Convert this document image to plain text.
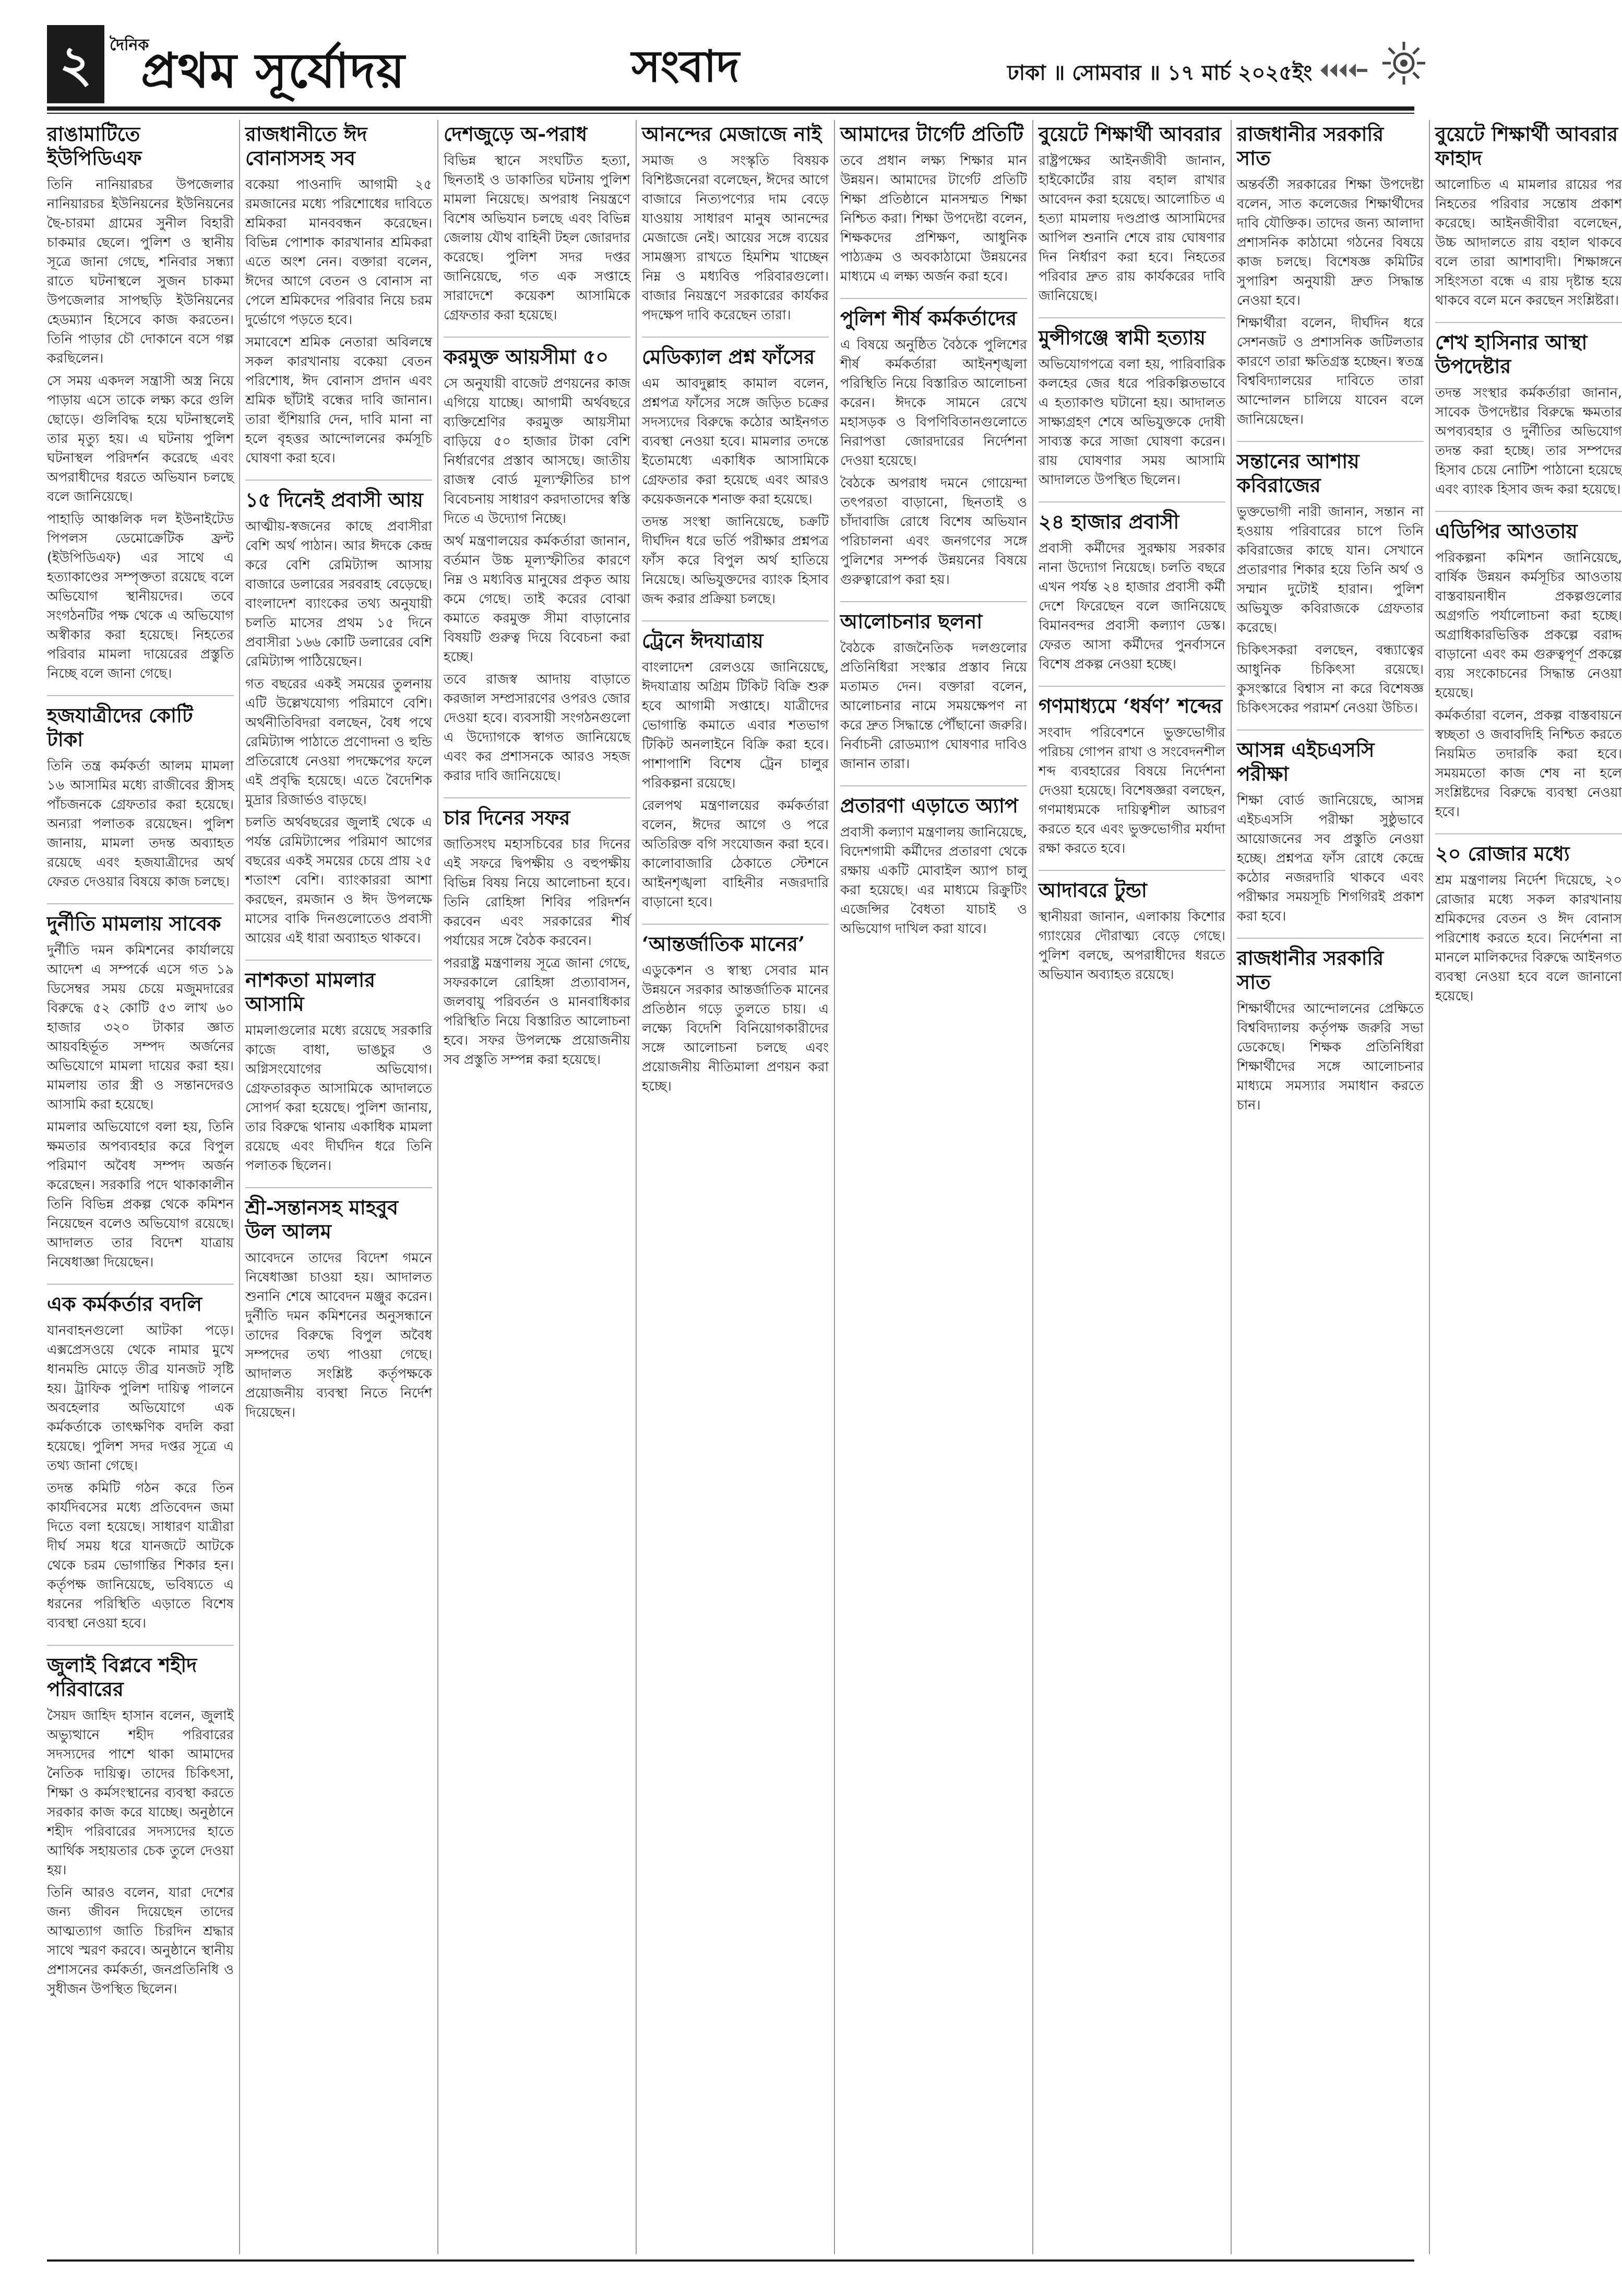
২	দৈনিক
প্রথম সূর্যোদয়	সংবাদ	ঢাকা ॥ সোমবার ॥ ১৭ মার্চ ২০২৫ইং
রাঙামাটিতে ইউপিডিএফ

তিনি নানিয়ারচর উপজেলার নানিয়ারচর ইউনিয়নের ইউনিয়নের ছৈ-চারমা গ্রামের সুনীল বিহারী চাকমার ছেলে। পুলিশ ও স্থানীয় সূত্রে জানা গেছে, শনিবার সন্ধ্যা রাতে ঘটনাস্থলে সুজন চাকমা উপজেলার সাপছড়ি ইউনিয়নের হেডম্যান হিসেবে কাজ করতেন। তিনি পাড়ার চৌ দোকানে বসে গল্প করছিলেন।

সে সময় একদল সন্ত্রাসী অস্ত্র নিয়ে পাড়ায় এসে তাকে লক্ষ্য করে গুলি ছোড়ে। গুলিবিদ্ধ হয়ে ঘটনাস্থলেই তার মৃত্যু হয়। এ ঘটনায় পুলিশ ঘটনাস্থল পরিদর্শন করেছে এবং অপরাধীদের ধরতে অভিযান চলছে বলে জানিয়েছে।

পাহাড়ি আঞ্চলিক দল ইউনাইটেড পিপলস ডেমোক্রেটিক ফ্রন্ট (ইউপিডিএফ) এর সাথে এ হত্যাকাণ্ডের সম্পৃক্ততা রয়েছে বলে অভিযোগ স্থানীয়দের। তবে সংগঠনটির পক্ষ থেকে এ অভিযোগ অস্বীকার করা হয়েছে। নিহতের পরিবার মামলা দায়েরের প্রস্তুতি নিচ্ছে বলে জানা গেছে।

হজযাত্রীদের কোটি টাকা

তিনি তন্ত্র কর্মকর্তা আলম মামলা ১৬ আসামির মধ্যে রাজীবের স্ত্রীসহ পাঁচজনকে গ্রেফতার করা হয়েছে। অন্যরা পলাতক রয়েছেন। পুলিশ জানায়, মামলা তদন্ত অব্যাহত রয়েছে এবং হজযাত্রীদের অর্থ ফেরত দেওয়ার বিষয়ে কাজ চলছে।

দুর্নীতি মামলায় সাবেক

দুর্নীতি দমন কমিশনের কার্যালয়ে আদেশ এ সম্পর্কে এসে গত ১৯ ডিসেম্বর সময় চেয়ে মজুমদারের বিরুদ্ধে ৫২ কোটি ৫৩ লাখ ৬০ হাজার ৩২০ টাকার জ্ঞাত আয়বহির্ভূত সম্পদ অর্জনের অভিযোগে মামলা দায়ের করা হয়। মামলায় তার স্ত্রী ও সন্তানদেরও আসামি করা হয়েছে।

মামলার অভিযোগে বলা হয়, তিনি ক্ষমতার অপব্যবহার করে বিপুল পরিমাণ অবৈধ সম্পদ অর্জন করেছেন। সরকারি পদে থাকাকালীন তিনি বিভিন্ন প্রকল্প থেকে কমিশন নিয়েছেন বলেও অভিযোগ রয়েছে। আদালত তার বিদেশ যাত্রায় নিষেধাজ্ঞা দিয়েছেন।

এক কর্মকর্তার বদলি

যানবাহনগুলো আটকা পড়ে। এক্সপ্রেসওয়ে থেকে নামার মুখে ধানমন্ডি মোড়ে তীব্র যানজট সৃষ্টি হয়। ট্রাফিক পুলিশ দায়িত্ব পালনে অবহেলার অভিযোগে এক কর্মকর্তাকে তাৎক্ষণিক বদলি করা হয়েছে। পুলিশ সদর দপ্তর সূত্রে এ তথ্য জানা গেছে।

তদন্ত কমিটি গঠন করে তিন কার্যদিবসের মধ্যে প্রতিবেদন জমা দিতে বলা হয়েছে। সাধারণ যাত্রীরা দীর্ঘ সময় ধরে যানজটে আটকে থেকে চরম ভোগান্তির শিকার হন। কর্তৃপক্ষ জানিয়েছে, ভবিষ্যতে এ ধরনের পরিস্থিতি এড়াতে বিশেষ ব্যবস্থা নেওয়া হবে।

জুলাই বিপ্লবে শহীদ পরিবারের

সৈয়দ জাহিদ হাসান বলেন, জুলাই অভ্যুত্থানে শহীদ পরিবারের সদস্যদের পাশে থাকা আমাদের নৈতিক দায়িত্ব। তাদের চিকিৎসা, শিক্ষা ও কর্মসংস্থানের ব্যবস্থা করতে সরকার কাজ করে যাচ্ছে। অনুষ্ঠানে শহীদ পরিবারের সদস্যদের হাতে আর্থিক সহায়তার চেক তুলে দেওয়া হয়।

তিনি আরও বলেন, যারা দেশের জন্য জীবন দিয়েছেন তাদের আত্মত্যাগ জাতি চিরদিন শ্রদ্ধার সাথে স্মরণ করবে। অনুষ্ঠানে স্থানীয় প্রশাসনের কর্মকর্তা, জনপ্রতিনিধি ও সুধীজন উপস্থিত ছিলেন।

রাজধানীতে ঈদ বোনাসসহ সব

বকেয়া পাওনাদি আগামী ২৫ রমজানের মধ্যে পরিশোধের দাবিতে শ্রমিকরা মানববন্ধন করেছেন। বিভিন্ন পোশাক কারখানার শ্রমিকরা এতে অংশ নেন। বক্তারা বলেন, ঈদের আগে বেতন ও বোনাস না পেলে শ্রমিকদের পরিবার নিয়ে চরম দুর্ভোগে পড়তে হবে।

সমাবেশে শ্রমিক নেতারা অবিলম্বে সকল কারখানায় বকেয়া বেতন পরিশোধ, ঈদ বোনাস প্রদান এবং শ্রমিক ছাঁটাই বন্ধের দাবি জানান। তারা হুঁশিয়ারি দেন, দাবি মানা না হলে বৃহত্তর আন্দোলনের কর্মসূচি ঘোষণা করা হবে।

১৫ দিনেই প্রবাসী আয়

আত্মীয়-স্বজনের কাছে প্রবাসীরা বেশি অর্থ পাঠান। আর ঈদকে কেন্দ্র করে বেশি রেমিট্যান্স আসায় বাজারে ডলারের সরবরাহ বেড়েছে। বাংলাদেশ ব্যাংকের তথ্য অনুযায়ী চলতি মাসের প্রথম ১৫ দিনে প্রবাসীরা ১৬৬ কোটি ডলারের বেশি রেমিট্যান্স পাঠিয়েছেন।

গত বছরের একই সময়ের তুলনায় এটি উল্লেখযোগ্য পরিমাণে বেশি। অর্থনীতিবিদরা বলছেন, বৈধ পথে রেমিট্যান্স পাঠাতে প্রণোদনা ও হুন্ডি প্রতিরোধে নেওয়া পদক্ষেপের ফলে এই প্রবৃদ্ধি হয়েছে। এতে বৈদেশিক মুদ্রার রিজার্ভও বাড়ছে।

চলতি অর্থবছরের জুলাই থেকে এ পর্যন্ত রেমিট্যান্সের পরিমাণ আগের বছরের একই সময়ের চেয়ে প্রায় ২৫ শতাংশ বেশি। ব্যাংকাররা আশা করছেন, রমজান ও ঈদ উপলক্ষে মাসের বাকি দিনগুলোতেও প্রবাসী আয়ের এই ধারা অব্যাহত থাকবে।

নাশকতা মামলার আসামি

মামলাগুলোর মধ্যে রয়েছে সরকারি কাজে বাধা, ভাঙচুর ও অগ্নিসংযোগের অভিযোগ। গ্রেফতারকৃত আসামিকে আদালতে সোপর্দ করা হয়েছে। পুলিশ জানায়, তার বিরুদ্ধে থানায় একাধিক মামলা রয়েছে এবং দীর্ঘদিন ধরে তিনি পলাতক ছিলেন।

শ্রী-সন্তানসহ মাহবুব উল আলম

আবেদনে তাদের বিদেশ গমনে নিষেধাজ্ঞা চাওয়া হয়। আদালত শুনানি শেষে আবেদন মঞ্জুর করেন। দুর্নীতি দমন কমিশনের অনুসন্ধানে তাদের বিরুদ্ধে বিপুল অবৈধ সম্পদের তথ্য পাওয়া গেছে। আদালত সংশ্লিষ্ট কর্তৃপক্ষকে প্রয়োজনীয় ব্যবস্থা নিতে নির্দেশ দিয়েছেন।

দেশজুড়ে অ-পরাধ

বিভিন্ন স্থানে সংঘটিত হত্যা, ছিনতাই ও ডাকাতির ঘটনায় পুলিশ মামলা নিয়েছে। অপরাধ নিয়ন্ত্রণে বিশেষ অভিযান চলছে এবং বিভিন্ন জেলায় যৌথ বাহিনী টহল জোরদার করেছে। পুলিশ সদর দপ্তর জানিয়েছে, গত এক সপ্তাহে সারাদেশে কয়েকশ আসামিকে গ্রেফতার করা হয়েছে।

করমুক্ত আয়সীমা ৫০

সে অনুযায়ী বাজেট প্রণয়নের কাজ এগিয়ে যাচ্ছে। আগামী অর্থবছরে ব্যক্তিশ্রেণির করমুক্ত আয়সীমা বাড়িয়ে ৫০ হাজার টাকা বেশি নির্ধারণের প্রস্তাব আসছে। জাতীয় রাজস্ব বোর্ড মূল্যস্ফীতির চাপ বিবেচনায় সাধারণ করদাতাদের স্বস্তি দিতে এ উদ্যোগ নিচ্ছে।

অর্থ মন্ত্রণালয়ের কর্মকর্তারা জানান, বর্তমান উচ্চ মূল্যস্ফীতির কারণে নিম্ন ও মধ্যবিত্ত মানুষের প্রকৃত আয় কমে গেছে। তাই করের বোঝা কমাতে করমুক্ত সীমা বাড়ানোর বিষয়টি গুরুত্ব দিয়ে বিবেচনা করা হচ্ছে।

তবে রাজস্ব আদায় বাড়াতে করজাল সম্প্রসারণের ওপরও জোর দেওয়া হবে। ব্যবসায়ী সংগঠনগুলো এ উদ্যোগকে স্বাগত জানিয়েছে এবং কর প্রশাসনকে আরও সহজ করার দাবি জানিয়েছে।

চার দিনের সফর

জাতিসংঘ মহাসচিবের চার দিনের এই সফরে দ্বিপক্ষীয় ও বহুপক্ষীয় বিভিন্ন বিষয় নিয়ে আলোচনা হবে। তিনি রোহিঙ্গা শিবির পরিদর্শন করবেন এবং সরকারের শীর্ষ পর্যায়ের সঙ্গে বৈঠক করবেন।

পররাষ্ট্র মন্ত্রণালয় সূত্রে জানা গেছে, সফরকালে রোহিঙ্গা প্রত্যাবাসন, জলবায়ু পরিবর্তন ও মানবাধিকার পরিস্থিতি নিয়ে বিস্তারিত আলোচনা হবে। সফর উপলক্ষে প্রয়োজনীয় সব প্রস্তুতি সম্পন্ন করা হয়েছে।

আনন্দের মেজাজে নাই

সমাজ ও সংস্কৃতি বিষয়ক বিশিষ্টজনেরা বলেছেন, ঈদের আগে বাজারে নিত্যপণ্যের দাম বেড়ে যাওয়ায় সাধারণ মানুষ আনন্দের মেজাজে নেই। আয়ের সঙ্গে ব্যয়ের সামঞ্জস্য রাখতে হিমশিম খাচ্ছেন নিম্ন ও মধ্যবিত্ত পরিবারগুলো। বাজার নিয়ন্ত্রণে সরকারের কার্যকর পদক্ষেপ দাবি করেছেন তারা।

মেডিক্যাল প্রশ্ন ফাঁসের

এম আবদুল্লাহ কামাল বলেন, প্রশ্নপত্র ফাঁসের সঙ্গে জড়িত চক্রের সদস্যদের বিরুদ্ধে কঠোর আইনগত ব্যবস্থা নেওয়া হবে। মামলার তদন্তে ইতোমধ্যে একাধিক আসামিকে গ্রেফতার করা হয়েছে এবং আরও কয়েকজনকে শনাক্ত করা হয়েছে।

তদন্ত সংস্থা জানিয়েছে, চক্রটি দীর্ঘদিন ধরে ভর্তি পরীক্ষার প্রশ্নপত্র ফাঁস করে বিপুল অর্থ হাতিয়ে নিয়েছে। অভিযুক্তদের ব্যাংক হিসাব জব্দ করার প্রক্রিয়া চলছে।

ট্রেনে ঈদযাত্রায়

বাংলাদেশ রেলওয়ে জানিয়েছে, ঈদযাত্রায় অগ্রিম টিকিট বিক্রি শুরু হবে আগামী সপ্তাহে। যাত্রীদের ভোগান্তি কমাতে এবার শতভাগ টিকিট অনলাইনে বিক্রি করা হবে। পাশাপাশি বিশেষ ট্রেন চালুর পরিকল্পনা রয়েছে।

রেলপথ মন্ত্রণালয়ের কর্মকর্তারা বলেন, ঈদের আগে ও পরে অতিরিক্ত বগি সংযোজন করা হবে। কালোবাজারি ঠেকাতে স্টেশনে আইনশৃঙ্খলা বাহিনীর নজরদারি বাড়ানো হবে।

‘আন্তর্জাতিক মানের’

এডুকেশন ও স্বাস্থ্য সেবার মান উন্নয়নে সরকার আন্তর্জাতিক মানের প্রতিষ্ঠান গড়ে তুলতে চায়। এ লক্ষ্যে বিদেশি বিনিয়োগকারীদের সঙ্গে আলোচনা চলছে এবং প্রয়োজনীয় নীতিমালা প্রণয়ন করা হচ্ছে।

আমাদের টার্গেট প্রতিটি

তবে প্রধান লক্ষ্য শিক্ষার মান উন্নয়ন। আমাদের টার্গেট প্রতিটি শিক্ষা প্রতিষ্ঠানে মানসম্মত শিক্ষা নিশ্চিত করা। শিক্ষা উপদেষ্টা বলেন, শিক্ষকদের প্রশিক্ষণ, আধুনিক পাঠ্যক্রম ও অবকাঠামো উন্নয়নের মাধ্যমে এ লক্ষ্য অর্জন করা হবে।

পুলিশ শীর্ষ কর্মকর্তাদের

এ বিষয়ে অনুষ্ঠিত বৈঠকে পুলিশের শীর্ষ কর্মকর্তারা আইনশৃঙ্খলা পরিস্থিতি নিয়ে বিস্তারিত আলোচনা করেন। ঈদকে সামনে রেখে মহাসড়ক ও বিপণিবিতানগুলোতে নিরাপত্তা জোরদারের নির্দেশনা দেওয়া হয়েছে।

বৈঠকে অপরাধ দমনে গোয়েন্দা তৎপরতা বাড়ানো, ছিনতাই ও চাঁদাবাজি রোধে বিশেষ অভিযান পরিচালনা এবং জনগণের সঙ্গে পুলিশের সম্পর্ক উন্নয়নের বিষয়ে গুরুত্বারোপ করা হয়।

আলোচনার ছলনা

বৈঠকে রাজনৈতিক দলগুলোর প্রতিনিধিরা সংস্কার প্রস্তাব নিয়ে মতামত দেন। বক্তারা বলেন, আলোচনার নামে সময়ক্ষেপণ না করে দ্রুত সিদ্ধান্তে পৌঁছানো জরুরি। নির্বাচনী রোডম্যাপ ঘোষণার দাবিও জানান তারা।

প্রতারণা এড়াতে অ্যাপ

প্রবাসী কল্যাণ মন্ত্রণালয় জানিয়েছে, বিদেশগামী কর্মীদের প্রতারণা থেকে রক্ষায় একটি মোবাইল অ্যাপ চালু করা হয়েছে। এর মাধ্যমে রিক্রুটিং এজেন্সির বৈধতা যাচাই ও অভিযোগ দাখিল করা যাবে।

বুয়েটে শিক্ষার্থী আবরার

রাষ্ট্রপক্ষের আইনজীবী জানান, হাইকোর্টের রায় বহাল রাখার আবেদন করা হয়েছে। আলোচিত এ হত্যা মামলায় দণ্ডপ্রাপ্ত আসামিদের আপিল শুনানি শেষে রায় ঘোষণার দিন নির্ধারণ করা হবে। নিহতের পরিবার দ্রুত রায় কার্যকরের দাবি জানিয়েছে।

মুন্সীগঞ্জে স্বামী হত্যায়

অভিযোগপত্রে বলা হয়, পারিবারিক কলহের জের ধরে পরিকল্পিতভাবে এ হত্যাকাণ্ড ঘটানো হয়। আদালত সাক্ষ্যগ্রহণ শেষে অভিযুক্তকে দোষী সাব্যস্ত করে সাজা ঘোষণা করেন। রায় ঘোষণার সময় আসামি আদালতে উপস্থিত ছিলেন।

২৪ হাজার প্রবাসী

প্রবাসী কর্মীদের সুরক্ষায় সরকার নানা উদ্যোগ নিয়েছে। চলতি বছরে এখন পর্যন্ত ২৪ হাজার প্রবাসী কর্মী দেশে ফিরেছেন বলে জানিয়েছে বিমানবন্দর প্রবাসী কল্যাণ ডেস্ক। ফেরত আসা কর্মীদের পুনর্বাসনে বিশেষ প্রকল্প নেওয়া হচ্ছে।

গণমাধ্যমে ‘ধর্ষণ’ শব্দের

সংবাদ পরিবেশনে ভুক্তভোগীর পরিচয় গোপন রাখা ও সংবেদনশীল শব্দ ব্যবহারের বিষয়ে নির্দেশনা দেওয়া হয়েছে। বিশেষজ্ঞরা বলছেন, গণমাধ্যমকে দায়িত্বশীল আচরণ করতে হবে এবং ভুক্তভোগীর মর্যাদা রক্ষা করতে হবে।

আদাবরে টুন্ডা

স্থানীয়রা জানান, এলাকায় কিশোর গ্যাংয়ের দৌরাত্ম্য বেড়ে গেছে। পুলিশ বলছে, অপরাধীদের ধরতে অভিযান অব্যাহত রয়েছে।

রাজধানীর সরকারি সাত

অন্তর্বর্তী সরকারের শিক্ষা উপদেষ্টা বলেন, সাত কলেজের শিক্ষার্থীদের দাবি যৌক্তিক। তাদের জন্য আলাদা প্রশাসনিক কাঠামো গঠনের বিষয়ে কাজ চলছে। বিশেষজ্ঞ কমিটির সুপারিশ অনুযায়ী দ্রুত সিদ্ধান্ত নেওয়া হবে।

শিক্ষার্থীরা বলেন, দীর্ঘদিন ধরে সেশনজট ও প্রশাসনিক জটিলতার কারণে তারা ক্ষতিগ্রস্ত হচ্ছেন। স্বতন্ত্র বিশ্ববিদ্যালয়ের দাবিতে তারা আন্দোলন চালিয়ে যাবেন বলে জানিয়েছেন।

সন্তানের আশায় কবিরাজের

ভুক্তভোগী নারী জানান, সন্তান না হওয়ায় পরিবারের চাপে তিনি কবিরাজের কাছে যান। সেখানে প্রতারণার শিকার হয়ে তিনি অর্থ ও সম্মান দুটোই হারান। পুলিশ অভিযুক্ত কবিরাজকে গ্রেফতার করেছে।

চিকিৎসকরা বলছেন, বন্ধ্যাত্বের আধুনিক চিকিৎসা রয়েছে। কুসংস্কারে বিশ্বাস না করে বিশেষজ্ঞ চিকিৎসকের পরামর্শ নেওয়া উচিত।

আসন্ন এইচএসসি পরীক্ষা

শিক্ষা বোর্ড জানিয়েছে, আসন্ন এইচএসসি পরীক্ষা সুষ্ঠুভাবে আয়োজনের সব প্রস্তুতি নেওয়া হচ্ছে। প্রশ্নপত্র ফাঁস রোধে কেন্দ্রে কঠোর নজরদারি থাকবে এবং পরীক্ষার সময়সূচি শিগগিরই প্রকাশ করা হবে।

রাজধানীর সরকারি সাত

শিক্ষার্থীদের আন্দোলনের প্রেক্ষিতে বিশ্ববিদ্যালয় কর্তৃপক্ষ জরুরি সভা ডেকেছে। শিক্ষক প্রতিনিধিরা শিক্ষার্থীদের সঙ্গে আলোচনার মাধ্যমে সমস্যার সমাধান করতে চান।

বুয়েটে শিক্ষার্থী আবরার ফাহাদ

আলোচিত এ মামলার রায়ের পর নিহতের পরিবার সন্তোষ প্রকাশ করেছে। আইনজীবীরা বলেছেন, উচ্চ আদালতে রায় বহাল থাকবে বলে তারা আশাবাদী। শিক্ষাঙ্গনে সহিংসতা বন্ধে এ রায় দৃষ্টান্ত হয়ে থাকবে বলে মনে করছেন সংশ্লিষ্টরা।

শেখ হাসিনার আস্থা উপদেষ্টার

তদন্ত সংস্থার কর্মকর্তারা জানান, সাবেক উপদেষ্টার বিরুদ্ধে ক্ষমতার অপব্যবহার ও দুর্নীতির অভিযোগ তদন্ত করা হচ্ছে। তার সম্পদের হিসাব চেয়ে নোটিশ পাঠানো হয়েছে এবং ব্যাংক হিসাব জব্দ করা হয়েছে।

এডিপির আওতায়

পরিকল্পনা কমিশন জানিয়েছে, বার্ষিক উন্নয়ন কর্মসূচির আওতায় বাস্তবায়নাধীন প্রকল্পগুলোর অগ্রগতি পর্যালোচনা করা হচ্ছে। অগ্রাধিকারভিত্তিক প্রকল্পে বরাদ্দ বাড়ানো এবং কম গুরুত্বপূর্ণ প্রকল্পে ব্যয় সংকোচনের সিদ্ধান্ত নেওয়া হয়েছে।

কর্মকর্তারা বলেন, প্রকল্প বাস্তবায়নে স্বচ্ছতা ও জবাবদিহি নিশ্চিত করতে নিয়মিত তদারকি করা হবে। সময়মতো কাজ শেষ না হলে সংশ্লিষ্টদের বিরুদ্ধে ব্যবস্থা নেওয়া হবে।

২০ রোজার মধ্যে

শ্রম মন্ত্রণালয় নির্দেশ দিয়েছে, ২০ রোজার মধ্যে সকল কারখানায় শ্রমিকদের বেতন ও ঈদ বোনাস পরিশোধ করতে হবে। নির্দেশনা না মানলে মালিকদের বিরুদ্ধে আইনগত ব্যবস্থা নেওয়া হবে বলে জানানো হয়েছে।
